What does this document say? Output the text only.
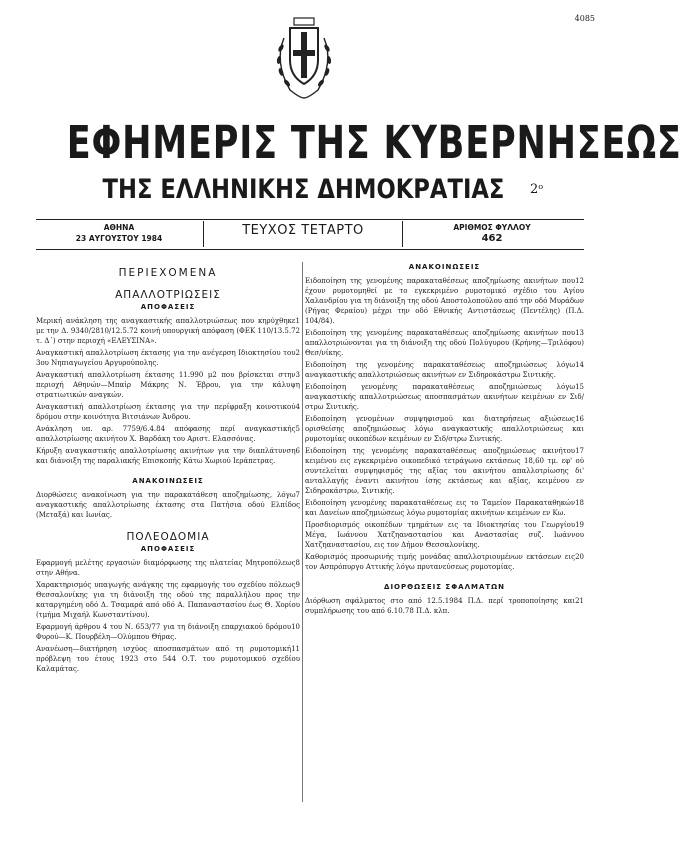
4085
ΕΦΗΜΕΡΙΣ ΤΗΣ ΚΥΒΕΡΝΗΣΕΩΣ
ΤΗΣ ΕΛΛΗΝΙΚΗΣ ΔΗΜΟΚΡΑΤΙΑΣ	2ᵒ
ΑΘΗΝΑ
23 ΑΥΓΟΥΣΤΟΥ 1984
ΤΕΥΧΟΣ ΤΕΤΑΡΤΟ	ΑΡΙΘΜΟΣ ΦΥΛΛΟΥ
462
ΠΕΡΙΕΧΟΜΕΝΑ
ΑΠΑΛΛΟΤΡΙΩΣΕΙΣ
ΑΠΟΦΑΣΕΙΣ
1
Μερική ανάκληση της αναγκαστικής απαλλοτριώσεως που κηρύχθηκε με την Δ. 9340/2810/12.5.72 κοινή υπουργική απόφαση (ΦΕΚ 110/13.5.72 τ. Δ΄) στην περιοχή «ΕΛΕΥΣΙΝΑ».
2
Αναγκαστική απαλλοτρίωση έκτασης για την ανέγερση Ιδιοκτησίου του 3ου Νηπιαγωγείου Αργυρούπολης.
3
Αναγκαστική απαλλοτρίωση έκτασης 11.990 μ2 που βρίσκεται στην περιοχή Αθηνών—Μπαίρ Μάκρης Ν. Έβρου, για την κάλυψη στρατιωτικών αναγκών.
4
Αναγκαστική απαλλοτρίωση έκτασης για την περίφραξη κοινοτικού δρόμου στην κοινότητα Βιτσιάνων Άνδρου.
5
Ανάκληση υπ. αρ. 7759/6.4.84 απόφασης περί αναγκαστικής απαλλοτρίωσης ακινήτου Χ. Βαρδάκη του Αριστ. Ελασσόνας.
6
Κήρυξη αναγκαστικής απαλλοτρίωσης ακινήτων για την διαπλάτυνση και διάνοιξη της παραλιακής Επισκοπής Κάτω Χωριού Ιεράπετρας.
ΑΝΑΚΟΙΝΩΣΕΙΣ
7
Διορθώσεις ανακοίνωση για την παρακατάθεση αποζημίωσης, λόγω αναγκαστικής απαλλοτρίωσης έκτασης στα Πατήσια οδού Ελπίδος (Μεταξά) και Ιωνίας.
ΠΟΛΕΟΔΟΜΙΑ
ΑΠΟΦΑΣΕΙΣ
8
Εφαρμογή μελέτης εργασιών διαμόρφωσης της πλατείας Μητροπόλεως στην Αθήνα.
9
Χαρακτηρισμός υπαγωγής ανάγκης της εφαρμογής του σχεδίου πόλεως Θεσσαλονίκης για τη διάνοιξη της οδού της παραλλήλου προς την καταργημένη οδό Δ. Τσαμαρά από οδό Α. Παπαναστασίου έως Θ. Χορίου (τμήμα Μιχαήλ Κωνσταντίνου).
10
Εφαρμογή άρθρου 4 του Ν. 653/77 για τη διάνοιξη επαρχιακού δρόμου Φυρού—Κ. Πουρβέλη—Ολύμπου Θήρας.
11
Ανανέωση—διατήρηση ισχύος αποσπασμάτων από τη ρυμοτομική πρόβλεψη του έτους 1923 στο 544 Ο.Τ. του ρυμοτομικού σχεδίου Καλαμάτας.
ΑΝΑΚΟΙΝΩΣΕΙΣ
12
Ειδοποίηση της γενομένης παρακαταθέσεως αποζημίωσης ακινήτων που έχουν ρυμοτομηθεί με το εγκεκριμένο ρυμοτομικό σχέδιο του Αγίου Χαλανδρίου για τη διάνοιξη της οδού Αποστολοπούλου από την οδό Μυράδων (Ρήγας Φεραίου) μέχρι την οδό Εθνικής Αντιστάσεως (Πεντέλης) (Π.Δ. 104/84).
13
Ειδοποίηση της γενομένης παρακαταθέσεως αποζημίωσης ακινήτων που απαλλοτριώνονται για τη διάνοιξη της οδού Πολύγυρου (Κρήνης—Τριλόφου) Θεσ/νίκης.
14
Ειδοποίηση της γενομένης παρακαταθέσεως αποζημιώσεως λόγω αναγκαστικής απαλλοτριώσεως ακινήτων εν Σιδηροκάστρω Σιντικής.
15
Ειδοποίηση γενομένης παρακαταθέσεως αποζημιώσεως λόγω αναγκαστικής απαλλοτριώσεως αποσπασμάτων ακινήτων κειμένων εν Σιδ/στρω Σιντικής.
16
Ειδοποίηση γενομένων συμψηφισμού και διατηρήσεως αξιώσεως ορισθείσης αποζημιώσεως λόγω αναγκαστικής απαλλοτριώσεως και ρυμοτομίας οικοπέδων κειμένων εν Σιδ/στρω Σιντικής.
17
Ειδοποίηση της γενομένης παρακαταθέσεως αποζημιώσεως ακινήτου κειμένου εις εγκεκριμένο οικοπεδικό τετράγωνο εκτάσεως 18,60 τμ. εφ' ού συντελείται συμψηφισμός της αξίας του ακινήτου απαλλοτρίωσης δι' ανταλλαγής έναντι ακινήτου ίσης εκτάσεως και αξίας, κειμένου εν Σιδηροκάστρω, Σιντικής.
18
Ειδοποίηση γενομένης παρακαταθέσεως εις το Ταμείον Παρακαταθηκών και Δανείων αποζημιώσεως λόγω ρυμοτομίας ακινήτων κειμένων εν Κω.
19
Προσδιορισμός οικοπέδων τμημάτων εις τα Ιδιοκτησίας του Γεωργίου Μέγα, Ιωάννου Χατζηαναστασίου και Αναστασίας συζ. Ιωάννου Χατζηαναστασίου, εις τον Δήμον Θεσσαλονίκης.
20
Καθορισμός προσωρινής τιμής μονάδας απαλλοτριουμένων εκτάσεων εις τον Ασπρόπυργο Αττικής λόγω πρυτανεύσεως ρυμοτομίας.
ΔΙΟΡΘΩΣΕΙΣ ΣΦΑΛΜΑΤΩΝ
21
Διόρθωση σφάλματος στο από 12.5.1984 Π.Δ. περί τροποποίησης και συμπλήρωσης του από 6.10.78 Π.Δ. κλπ.
